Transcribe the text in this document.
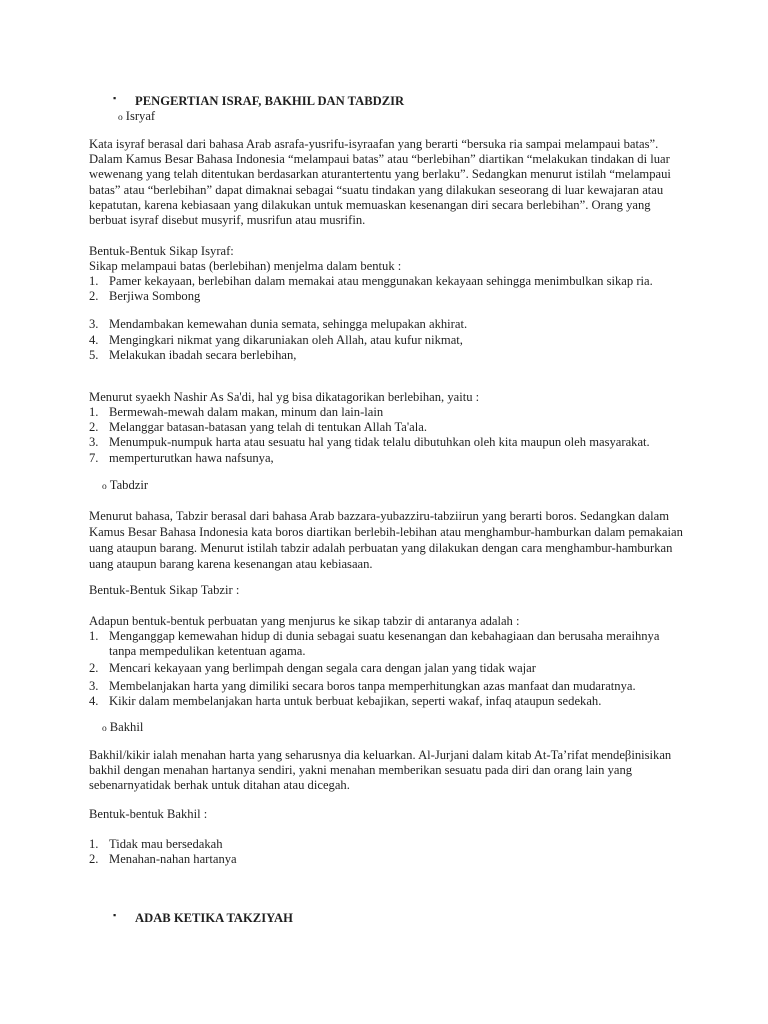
▪ PENGERTIAN ISRAF, BAKHIL DAN TABDZIR
o Isryaf
Kata isyraf berasal dari bahasa Arab asrafa-yusrifu-isyraafan yang berarti “bersuka ria sampai melampaui batas”. Dalam Kamus Besar Bahasa Indonesia “melampaui batas” atau “berlebihan” diartikan “melakukan tindakan di luar wewenang yang telah ditentukan berdasarkan aturantertentu yang berlaku”. Sedangkan menurut istilah “melampaui batas” atau “berlebihan” dapat dimaknai sebagai “suatu tindakan yang dilakukan seseorang di luar kewajaran atau kepatutan, karena kebiasaan yang dilakukan untuk memuaskan kesenangan diri secara berlebihan”. Orang yang berbuat isyraf disebut musyrif, musrifun atau musrifin.
Bentuk-Bentuk Sikap Isyraf:
Sikap melampaui batas (berlebihan) menjelma dalam bentuk :
1. Pamer kekayaan, berlebihan dalam memakai atau menggunakan kekayaan sehingga menimbulkan sikap ria.
2. Berjiwa Sombong
3. Mendambakan kemewahan dunia semata, sehingga melupakan akhirat.
4. Mengingkari nikmat yang dikaruniakan oleh Allah, atau kufur nikmat,
5. Melakukan ibadah secara berlebihan,
Menurut syaekh Nashir As Sa'di, hal yg bisa dikatagorikan berlebihan, yaitu :
1. Bermewah-mewah dalam makan, minum dan lain-lain
2. Melanggar batasan-batasan yang telah di tentukan Allah Ta'ala.
3. Menumpuk-numpuk harta atau sesuatu hal yang tidak telalu dibutuhkan oleh kita maupun oleh masyarakat.
7. memperturutkan hawa nafsunya,
o Tabdzir
Menurut bahasa, Tabzir berasal dari bahasa Arab bazzara-yubazziru-tabziirun yang berarti boros. Sedangkan dalam Kamus Besar Bahasa Indonesia kata boros diartikan berlebih-lebihan atau menghambur-hamburkan dalam pemakaian uang ataupun barang. Menurut istilah tabzir adalah perbuatan yang dilakukan dengan cara menghambur-hamburkan uang ataupun barang karena kesenangan atau kebiasaan.
Bentuk-Bentuk Sikap Tabzir :
Adapun bentuk-bentuk perbuatan yang menjurus ke sikap tabzir di antaranya adalah :
1. Menganggap kemewahan hidup di dunia sebagai suatu kesenangan dan kebahagiaan dan berusaha meraihnya tanpa mempedulikan ketentuan agama.
2. Mencari kekayaan yang berlimpah dengan segala cara dengan jalan yang tidak wajar
3. Membelanjakan harta yang dimiliki secara boros tanpa memperhitungkan azas manfaat dan mudaratnya.
4. Kikir dalam membelanjakan harta untuk berbuat kebajikan, seperti wakaf, infaq ataupun sedekah.
o Bakhil
Bakhil/kikir ialah menahan harta yang seharusnya dia keluarkan. Al-Jurjani dalam kitab At-Ta’rifat mendeβinisikan bakhil dengan menahan hartanya sendiri, yakni menahan memberikan sesuatu pada diri dan orang lain yang sebenarnyatidak berhak untuk ditahan atau dicegah.
Bentuk-bentuk Bakhil :
1. Tidak mau bersedakah
2. Menahan-nahan hartanya
▪ ADAB KETIKA TAKZIYAH
